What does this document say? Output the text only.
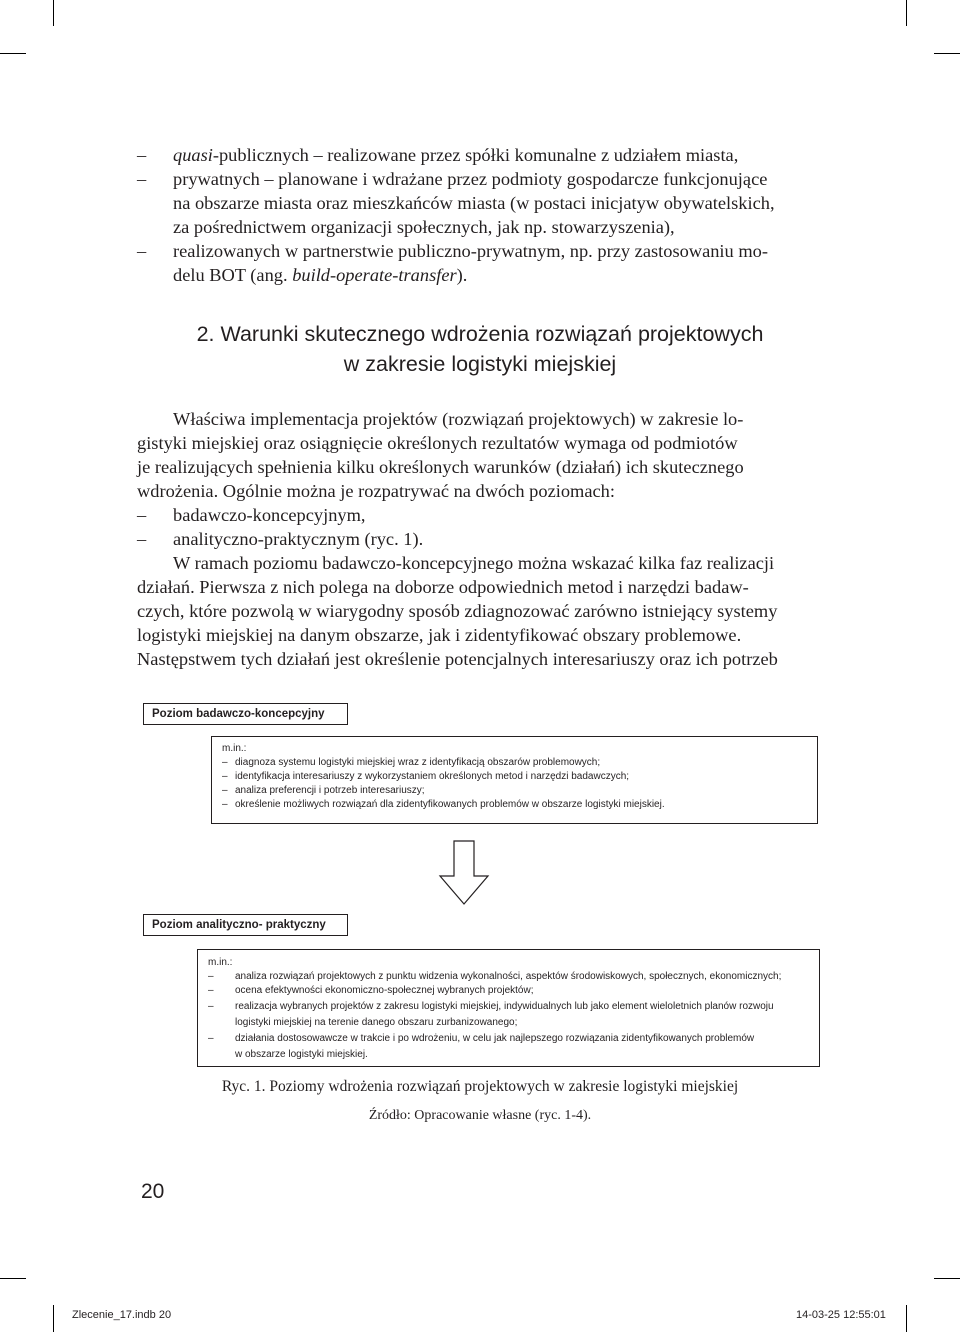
– quasi-publicznych – realizowane przez spółki komunalne z udziałem miasta,
– prywatnych – planowane i wdrażane przez podmioty gospodarcze funkcjonujące
na obszarze miasta oraz mieszkańców miasta (w postaci inicjatyw obywatelskich,
za pośrednictwem organizacji społecznych, jak np. stowarzyszenia),
– realizowanych w partnerstwie publiczno-prywatnym, np. przy zastosowaniu mo-
delu BOT (ang. build-operate-transfer).
2. Warunki skutecznego wdrożenia rozwiązań projektowych
w zakresie logistyki miejskiej
Właściwa implementacja projektów (rozwiązań projektowych) w zakresie lo-
gistyki miejskiej oraz osiągnięcie określonych rezultatów wymaga od podmiotów
je realizujących spełnienia kilku określonych warunków (działań) ich skutecznego
wdrożenia. Ogólnie można je rozpatrywać na dwóch poziomach:
– badawczo-koncepcyjnym,
– analityczno-praktycznym (ryc. 1).
W ramach poziomu badawczo-koncepcyjnego można wskazać kilka faz realizacji
działań. Pierwsza z nich polega na doborze odpowiednich metod i narzędzi badaw-
czych, które pozwolą w wiarygodny sposób zdiagnozować zarówno istniejący systemy
logistyki miejskiej na danym obszarze, jak i zidentyfikować obszary problemowe.
Następstwem tych działań jest określenie potencjalnych interesariuszy oraz ich potrzeb
Poziom badawczo-koncepcyjny
m.in.:
– diagnoza systemu logistyki miejskiej wraz z identyfikacją obszarów problemowych;
– identyfikacja interesariuszy z wykorzystaniem określonych metod i narzędzi badawczych;
– analiza preferencji i potrzeb interesariuszy;
– określenie możliwych rozwiązań dla zidentyfikowanych problemów w obszarze logistyki miejskiej.
Poziom analityczno- praktyczny
m.in.:
– analiza rozwiązań projektowych z punktu widzenia wykonalności, aspektów środowiskowych, społecznych, ekonomicznych;
– ocena efektywności ekonomiczno-społecznej wybranych projektów;
– realizacja wybranych projektów z zakresu logistyki miejskiej, indywidualnych lub jako element wieloletnich planów rozwoju
logistyki miejskiej na terenie danego obszaru zurbanizowanego;
– działania dostosowawcze w trakcie i po wdrożeniu, w celu jak najlepszego rozwiązania zidentyfikowanych problemów
w obszarze logistyki miejskiej.
Ryc. 1. Poziomy wdrożenia rozwiązań projektowych w zakresie logistyki miejskiej
Źródło: Opracowanie własne (ryc. 1-4).
20
Zlecenie_17.indb 20	14-03-25 12:55:01
